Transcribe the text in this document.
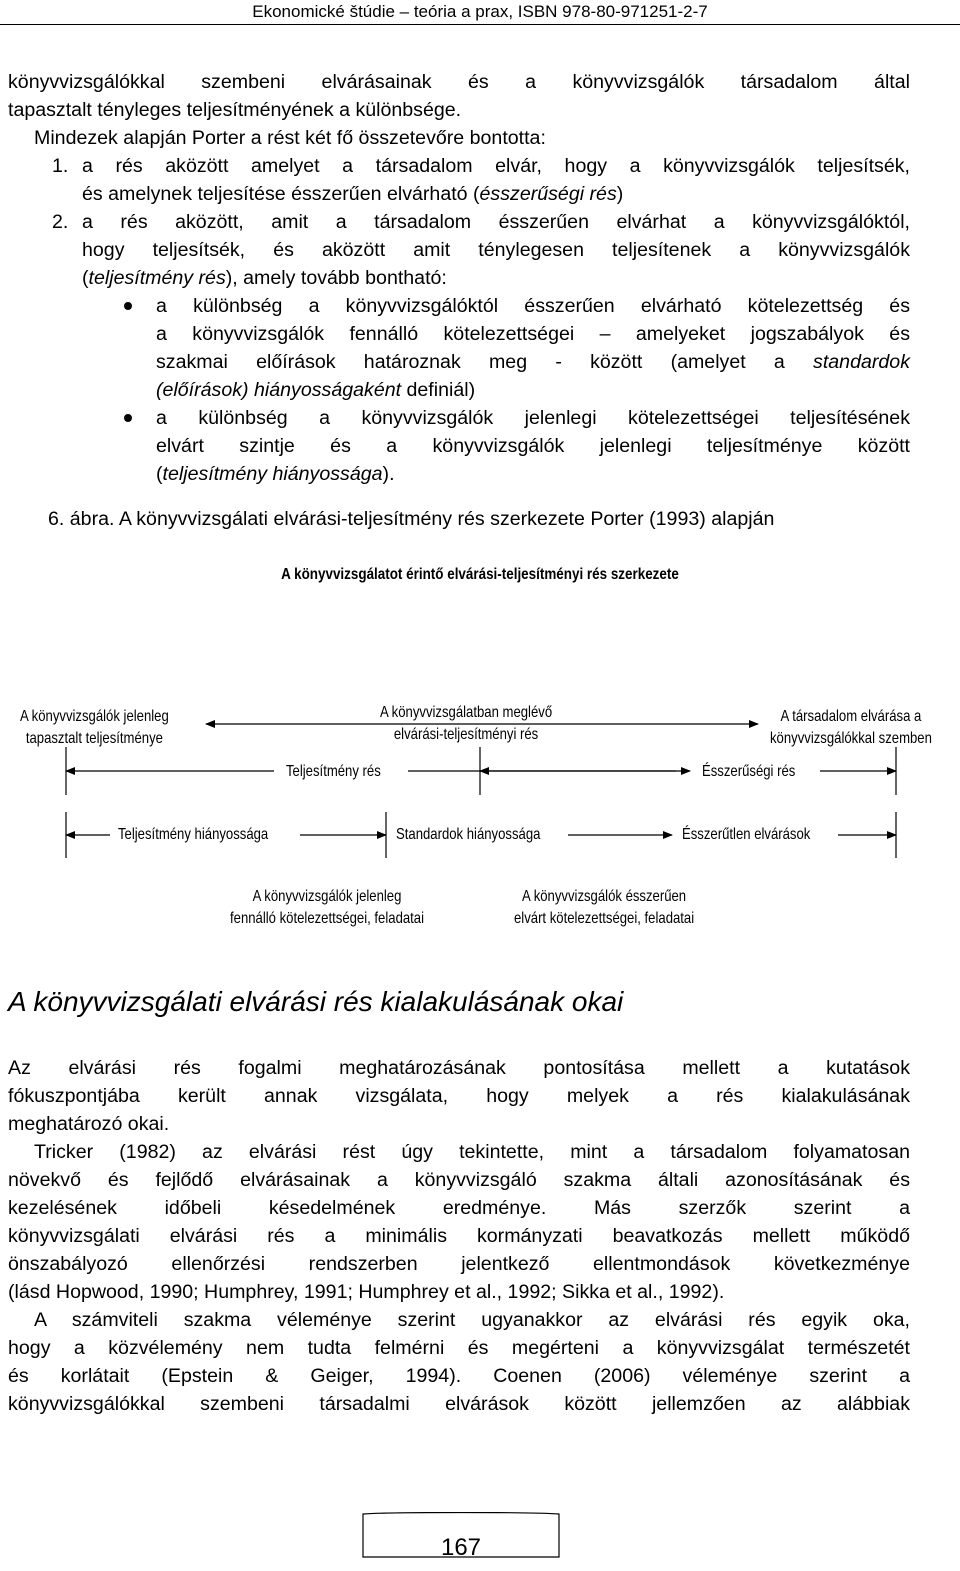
Ekonomické štúdie – teória a prax, ISBN 978-80-971251-2-7
könyvvizsgálókkal szembeni elvárásainak és a könyvvizsgálók társadalom által
tapasztalt tényleges teljesítményének a különbsége.
Mindezek alapján Porter a rést két fő összetevőre bontotta:
1. a rés aközött amelyet a társadalom elvár, hogy a könyvvizsgálók teljesítsék,
és amelynek teljesítése ésszerűen elvárható (ésszerűségi rés)
2. a rés aközött, amit a társadalom ésszerűen elvárhat a könyvvizsgálóktól,
hogy teljesítsék, és aközött amit ténylegesen teljesítenek a könyvvizsgálók
(teljesítmény rés), amely tovább bontható:
a különbség a könyvvizsgálóktól ésszerűen elvárható kötelezettség és
a könyvvizsgálók fennálló kötelezettségei – amelyeket jogszabályok és
szakmai előírások határoznak meg - között (amelyet a standardok
(előírások) hiányosságaként definiál)
a különbség a könyvvizsgálók jelenlegi kötelezettségei teljesítésének
elvárt szintje és a könyvvizsgálók jelenlegi teljesítménye között
(teljesítmény hiányossága).
6. ábra. A könyvvizsgálati elvárási-teljesítmény rés szerkezete Porter (1993) alapján
A könyvvizsgálatot érintő elvárási-teljesítményi rés szerkezete
A könyvvizsgálók jelenleg
tapasztalt teljesítménye
A könyvvizsgálatban meglévő
elvárási-teljesítményi rés
A társadalom elvárása a
könyvvizsgálókkal szemben
Teljesítmény rés	Ésszerűségi rés
Teljesítmény hiányossága	Standardok hiányossága	Ésszerűtlen elvárások
A könyvvizsgálók jelenleg
fennálló kötelezettségei, feladatai
A könyvvizsgálók ésszerűen
elvárt kötelezettségei, feladatai
A könyvvizsgálati elvárási rés kialakulásának okai
Az elvárási rés fogalmi meghatározásának pontosítása mellett a kutatások
fókuszpontjába került annak vizsgálata, hogy melyek a rés kialakulásának
meghatározó okai.
Tricker (1982) az elvárási rést úgy tekintette, mint a társadalom folyamatosan
növekvő és fejlődő elvárásainak a könyvvizsgáló szakma általi azonosításának és
kezelésének időbeli késedelmének eredménye. Más szerzők szerint a
könyvvizsgálati elvárási rés a minimális kormányzati beavatkozás mellett működő
önszabályozó ellenőrzési rendszerben jelentkező ellentmondások következménye
(lásd Hopwood, 1990; Humphrey, 1991; Humphrey et al., 1992; Sikka et al., 1992).
A számviteli szakma véleménye szerint ugyanakkor az elvárási rés egyik oka,
hogy a közvélemény nem tudta felmérni és megérteni a könyvvizsgálat természetét
és korlátait (Epstein & Geiger, 1994). Coenen (2006) véleménye szerint a
könyvvizsgálókkal szembeni társadalmi elvárások között jellemzően az alábbiak
167
